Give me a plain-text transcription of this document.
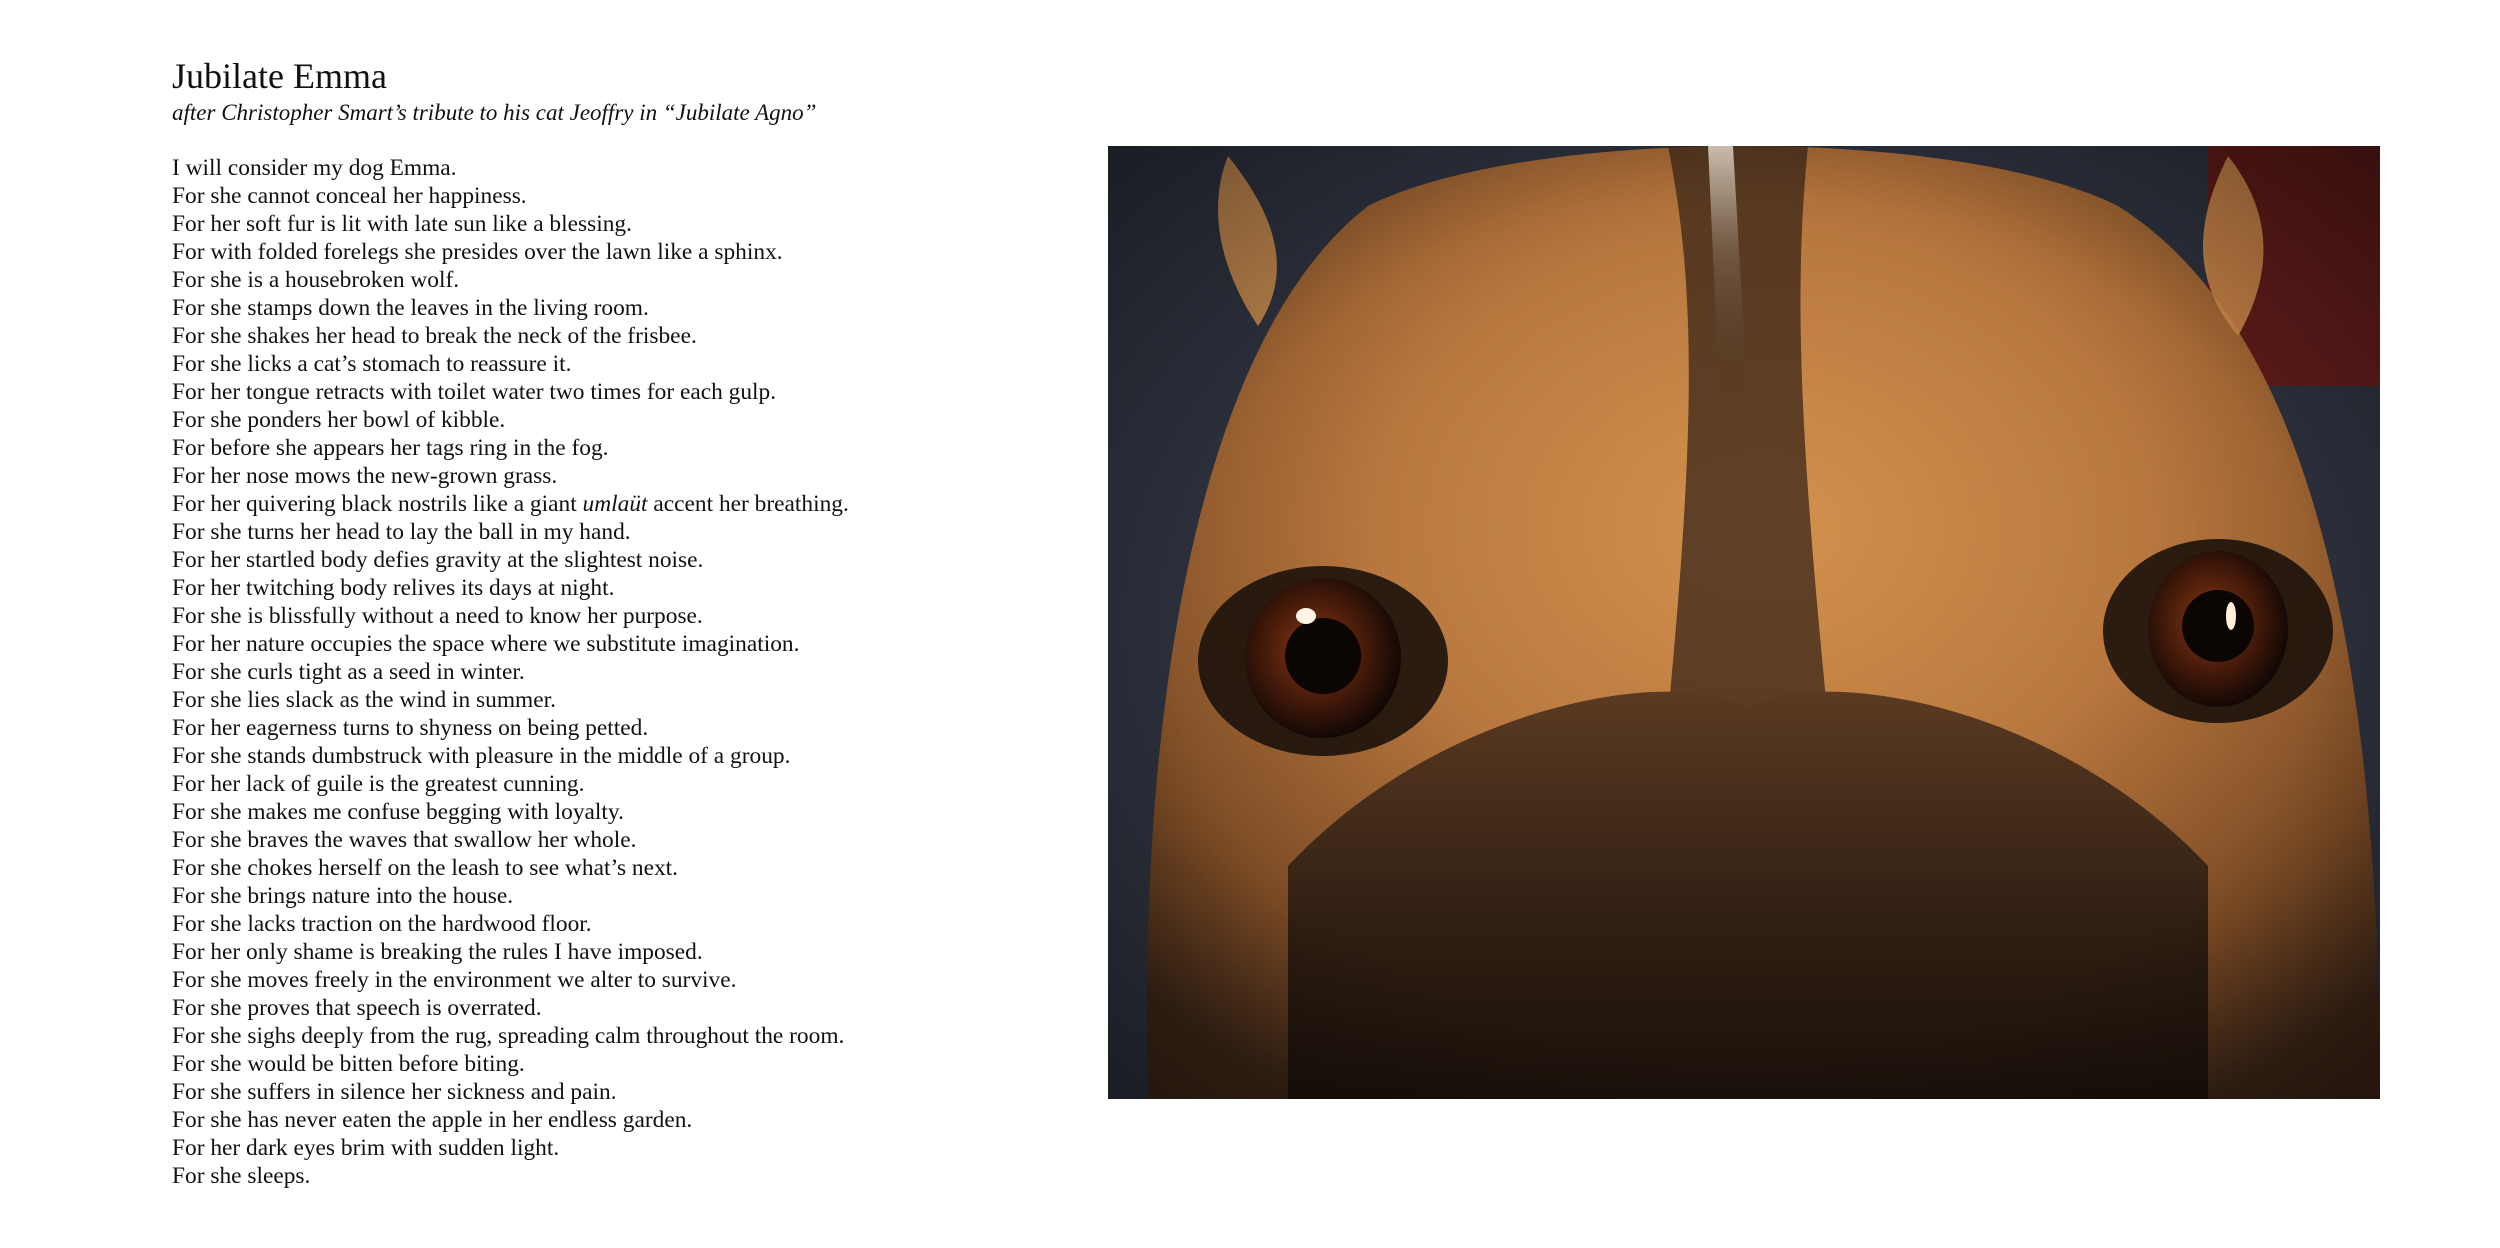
Jubilate Emma

after Christopher Smart’s tribute to his cat Jeoffry in “Jubilate Agno”

I will consider my dog Emma.
For she cannot conceal her happiness.
For her soft fur is lit with late sun like a blessing.
For with folded forelegs she presides over the lawn like a sphinx.
For she is a housebroken wolf.
For she stamps down the leaves in the living room.
For she shakes her head to break the neck of the frisbee.
For she licks a cat’s stomach to reassure it.
For her tongue retracts with toilet water two times for each gulp.
For she ponders her bowl of kibble.
For before she appears her tags ring in the fog.
For her nose mows the new-grown grass.
For her quivering black nostrils like a giant umlaüt accent her breathing.
For she turns her head to lay the ball in my hand.
For her startled body defies gravity at the slightest noise.
For her twitching body relives its days at night.
For she is blissfully without a need to know her purpose.
For her nature occupies the space where we substitute imagination.
For she curls tight as a seed in winter.
For she lies slack as the wind in summer.
For her eagerness turns to shyness on being petted.
For she stands dumbstruck with pleasure in the middle of a group.
For her lack of guile is the greatest cunning.
For she makes me confuse begging with loyalty.
For she braves the waves that swallow her whole.
For she chokes herself on the leash to see what’s next.
For she brings nature into the house.
For she lacks traction on the hardwood floor.
For her only shame is breaking the rules I have imposed.
For she moves freely in the environment we alter to survive.
For she proves that speech is overrated.
For she sighs deeply from the rug, spreading calm throughout the room.
For she would be bitten before biting.
For she suffers in silence her sickness and pain.
For she has never eaten the apple in her endless garden.
For her dark eyes brim with sudden light.
For she sleeps.
